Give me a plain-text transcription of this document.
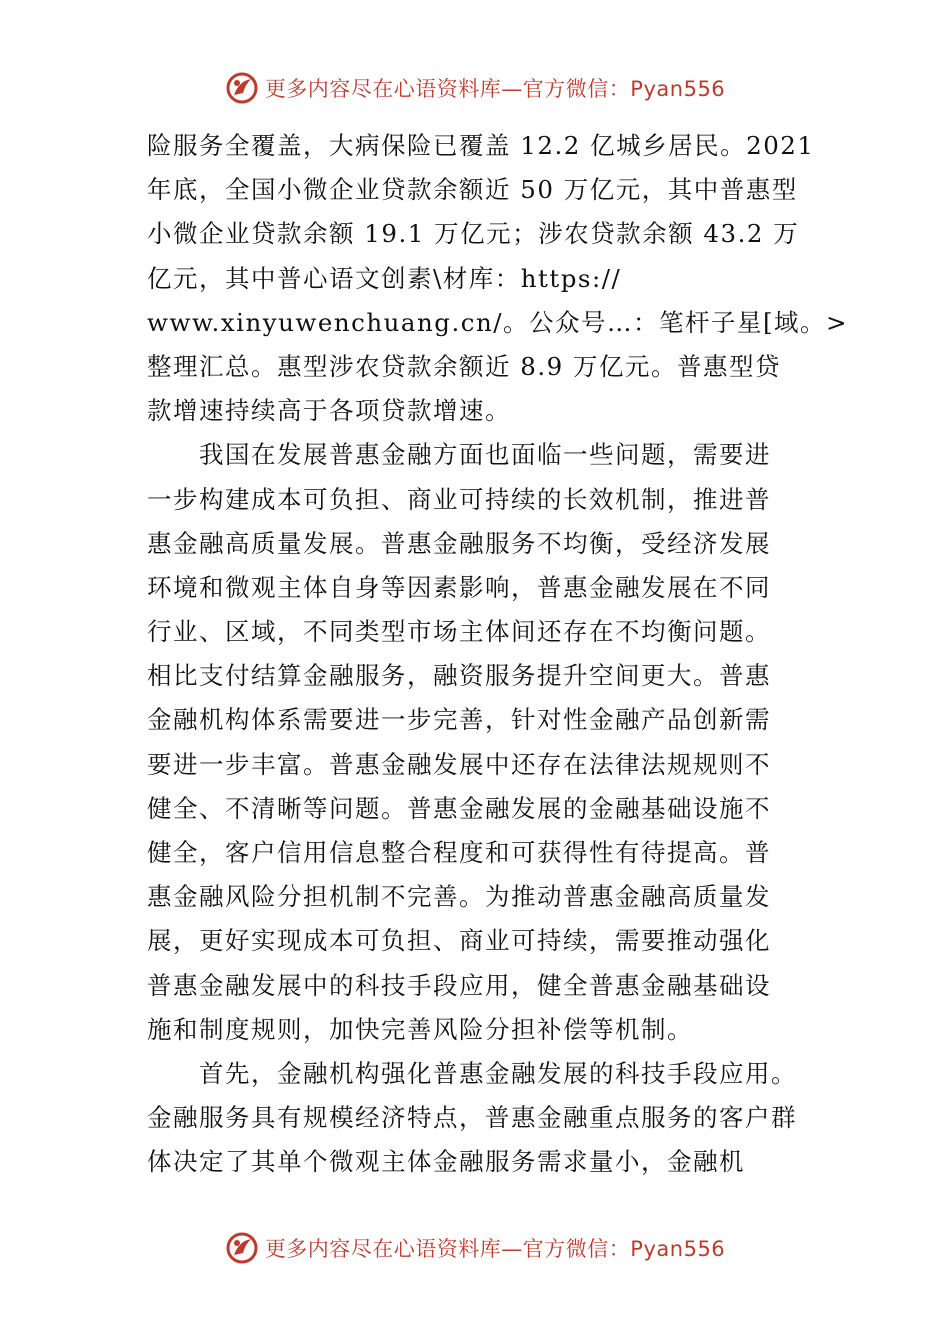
更多内容尽在心语资料库—官方微信：Pyan556
险服务全覆盖，大病保险已覆盖 12.2 亿城乡居民。2021
年底，全国小微企业贷款余额近 50 万亿元，其中普惠型
小微企业贷款余额 19.1 万亿元；涉农贷款余额 43.2 万
亿元，其中普心语文创素\材库：https://
www.xinyuwenchuang.cn/。公众号…：笔杆子星[域。>
整理汇总。惠型涉农贷款余额近 8.9 万亿元。普惠型贷
款增速持续高于各项贷款增速。
我国在发展普惠金融方面也面临一些问题，需要进
一步构建成本可负担、商业可持续的长效机制，推进普
惠金融高质量发展。普惠金融服务不均衡，受经济发展
环境和微观主体自身等因素影响，普惠金融发展在不同
行业、区域，不同类型市场主体间还存在不均衡问题。
相比支付结算金融服务，融资服务提升空间更大。普惠
金融机构体系需要进一步完善，针对性金融产品创新需
要进一步丰富。普惠金融发展中还存在法律法规规则不
健全、不清晰等问题。普惠金融发展的金融基础设施不
健全，客户信用信息整合程度和可获得性有待提高。普
惠金融风险分担机制不完善。为推动普惠金融高质量发
展，更好实现成本可负担、商业可持续，需要推动强化
普惠金融发展中的科技手段应用，健全普惠金融基础设
施和制度规则，加快完善风险分担补偿等机制。
首先，金融机构强化普惠金融发展的科技手段应用。
金融服务具有规模经济特点，普惠金融重点服务的客户群
体决定了其单个微观主体金融服务需求量小，金融机
更多内容尽在心语资料库—官方微信：Pyan556
